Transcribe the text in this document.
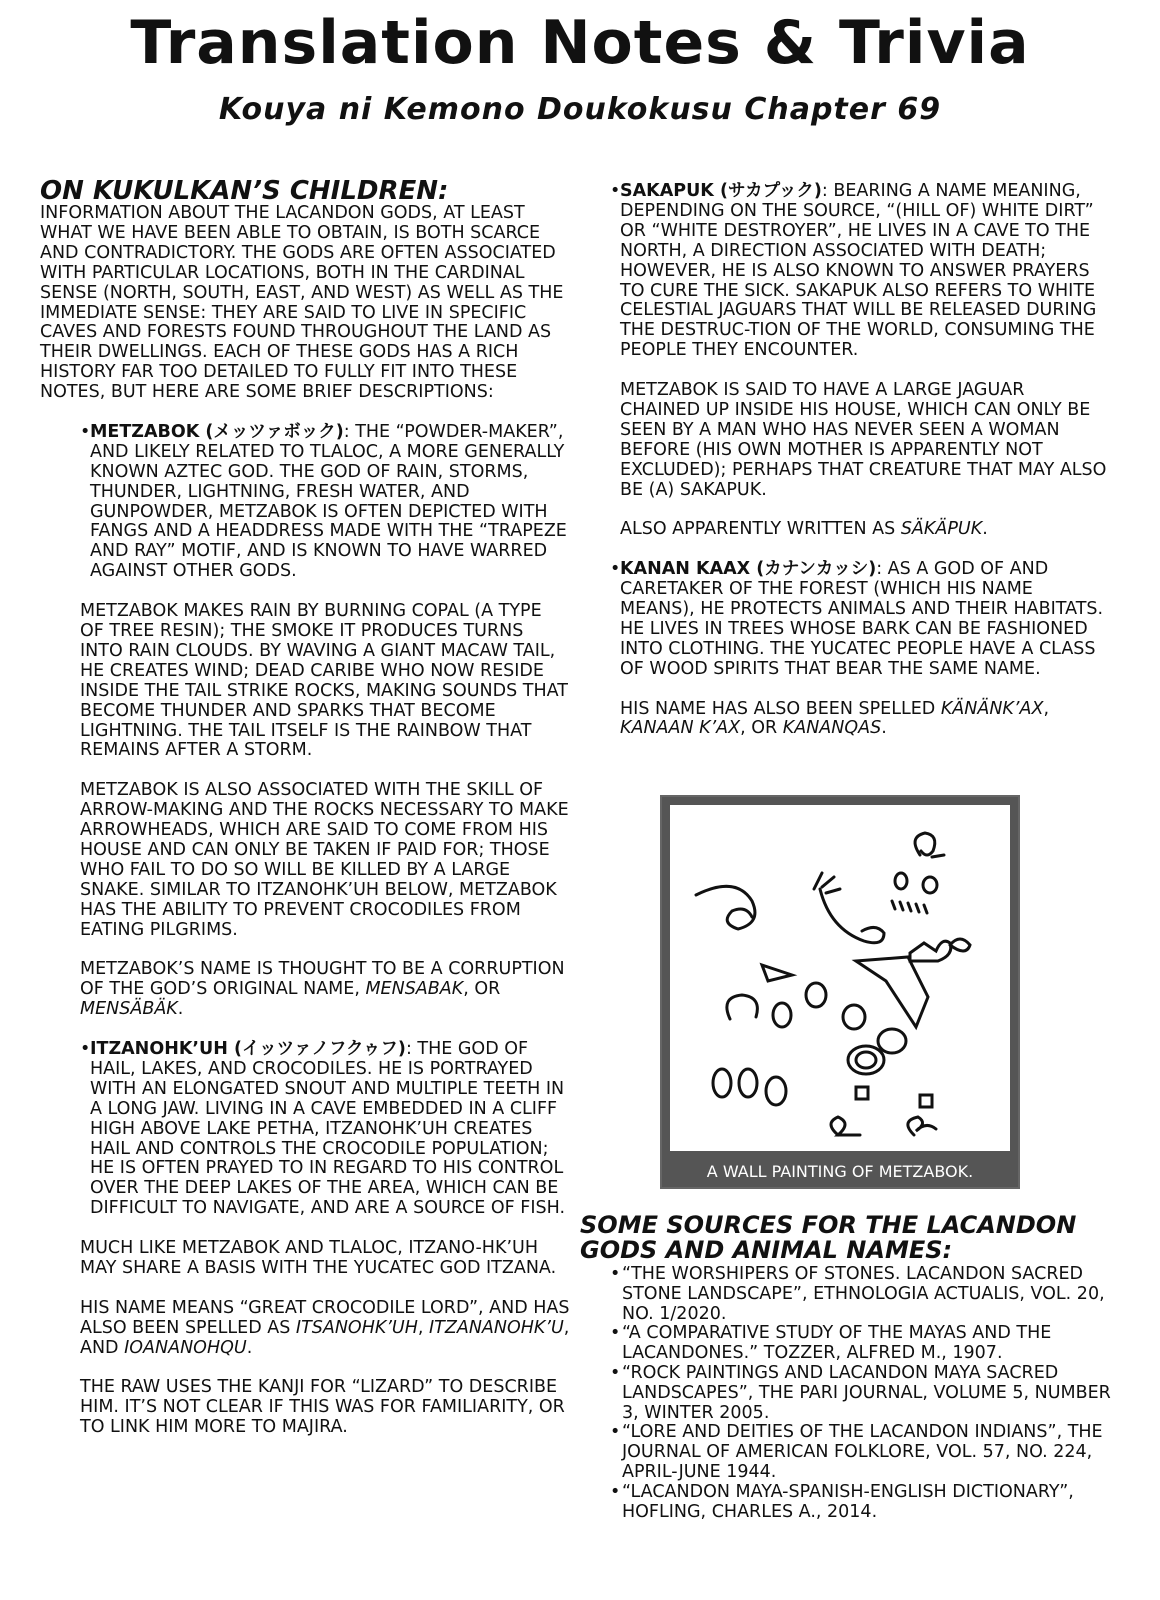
Translation Notes & Trivia
Kouya ni Kemono Doukokusu Chapter 69
ON KUKULKAN’S CHILDREN:

INFORMATION ABOUT THE LACANDON GODS, AT LEAST WHAT WE HAVE BEEN ABLE TO OBTAIN, IS BOTH SCARCE AND CONTRADICTORY. THE GODS ARE OFTEN ASSOCIATED WITH PARTICULAR LOCATIONS, BOTH IN THE CARDINAL SENSE (NORTH, SOUTH, EAST, AND WEST) AS WELL AS THE IMMEDIATE SENSE: THEY ARE SAID TO LIVE IN SPECIFIC CAVES AND FORESTS FOUND THROUGHOUT THE LAND AS THEIR DWELLINGS. EACH OF THESE GODS HAS A RICH HISTORY FAR TOO DETAILED TO FULLY FIT INTO THESE NOTES, BUT HERE ARE SOME BRIEF DESCRIPTIONS:

• METZABOK (メッツァボック): THE “POWDER-MAKER”, AND LIKELY RELATED TO TLALOC, A MORE GENERALLY KNOWN AZTEC GOD. THE GOD OF RAIN, STORMS, THUNDER, LIGHTNING, FRESH WATER, AND GUNPOWDER, METZABOK IS OFTEN DEPICTED WITH FANGS AND A HEADDRESS MADE WITH THE “TRAPEZE AND RAY” MOTIF, AND IS KNOWN TO HAVE WARRED AGAINST OTHER GODS.

METZABOK MAKES RAIN BY BURNING COPAL (A TYPE OF TREE RESIN); THE SMOKE IT PRODUCES TURNS INTO RAIN CLOUDS. BY WAVING A GIANT MACAW TAIL, HE CREATES WIND; DEAD CARIBE WHO NOW RESIDE INSIDE THE TAIL STRIKE ROCKS, MAKING SOUNDS THAT BECOME THUNDER AND SPARKS THAT BECOME LIGHTNING. THE TAIL ITSELF IS THE RAINBOW THAT REMAINS AFTER A STORM.

METZABOK IS ALSO ASSOCIATED WITH THE SKILL OF ARROW-MAKING AND THE ROCKS NECESSARY TO MAKE ARROWHEADS, WHICH ARE SAID TO COME FROM HIS HOUSE AND CAN ONLY BE TAKEN IF PAID FOR; THOSE WHO FAIL TO DO SO WILL BE KILLED BY A LARGE SNAKE. SIMILAR TO ITZANOHK’UH BELOW, METZABOK HAS THE ABILITY TO PREVENT CROCODILES FROM EATING PILGRIMS.

METZABOK’S NAME IS THOUGHT TO BE A CORRUPTION OF THE GOD’S ORIGINAL NAME, MENSABAK, OR MENSÄBÄK.

• ITZANOHK’UH (イッツァノフクゥフ): THE GOD OF HAIL, LAKES, AND CROCODILES. HE IS PORTRAYED WITH AN ELONGATED SNOUT AND MULTIPLE TEETH IN A LONG JAW. LIVING IN A CAVE EMBEDDED IN A CLIFF HIGH ABOVE LAKE PETHA, ITZANOHK’UH CREATES HAIL AND CONTROLS THE CROCODILE POPULATION; HE IS OFTEN PRAYED TO IN REGARD TO HIS CONTROL OVER THE DEEP LAKES OF THE AREA, WHICH CAN BE DIFFICULT TO NAVIGATE, AND ARE A SOURCE OF FISH.

MUCH LIKE METZABOK AND TLALOC, ITZANO-HK’UH MAY SHARE A BASIS WITH THE YUCATEC GOD ITZANA.

HIS NAME MEANS “GREAT CROCODILE LORD”, AND HAS ALSO BEEN SPELLED AS ITSANOHK’UH, ITZANANOHK’U, AND IOANANOHQU.

THE RAW USES THE KANJI FOR “LIZARD” TO DESCRIBE HIM. IT’S NOT CLEAR IF THIS WAS FOR FAMILIARITY, OR TO LINK HIM MORE TO MAJIRA.

• SAKAPUK (サカプック): BEARING A NAME MEANING, DEPENDING ON THE SOURCE, “(HILL OF) WHITE DIRT” OR “WHITE DESTROYER”, HE LIVES IN A CAVE TO THE NORTH, A DIRECTION ASSOCIATED WITH DEATH; HOWEVER, HE IS ALSO KNOWN TO ANSWER PRAYERS TO CURE THE SICK. SAKAPUK ALSO REFERS TO WHITE CELESTIAL JAGUARS THAT WILL BE RELEASED DURING THE DESTRUC-TION OF THE WORLD, CONSUMING THE PEOPLE THEY ENCOUNTER.

METZABOK IS SAID TO HAVE A LARGE JAGUAR CHAINED UP INSIDE HIS HOUSE, WHICH CAN ONLY BE SEEN BY A MAN WHO HAS NEVER SEEN A WOMAN BEFORE (HIS OWN MOTHER IS APPARENTLY NOT EXCLUDED); PERHAPS THAT CREATURE THAT MAY ALSO BE (A) SAKAPUK.

ALSO APPARENTLY WRITTEN AS SÄKÄPUK.

• KANAN KAAX (カナンカッシ): AS A GOD OF AND CARETAKER OF THE FOREST (WHICH HIS NAME MEANS), HE PROTECTS ANIMALS AND THEIR HABITATS. HE LIVES IN TREES WHOSE BARK CAN BE FASHIONED INTO CLOTHING. THE YUCATEC PEOPLE HAVE A CLASS OF WOOD SPIRITS THAT BEAR THE SAME NAME.

HIS NAME HAS ALSO BEEN SPELLED KÄNÄNK’AX, KANAAN K’AX, OR KANANQAS.

A WALL PAINTING OF METZABOK.
SOME SOURCES FOR THE LACANDON GODS AND ANIMAL NAMES:
• “THE WORSHIPERS OF STONES. LACANDON SACRED STONE LANDSCAPE”, ETHNOLOGIA ACTUALIS, VOL. 20, NO. 1/2020.
• “A COMPARATIVE STUDY OF THE MAYAS AND THE LACANDONES.” TOZZER, ALFRED M., 1907.
• “ROCK PAINTINGS AND LACANDON MAYA SACRED LANDSCAPES”, THE PARI JOURNAL, VOLUME 5, NUMBER 3, WINTER 2005.
• “LORE AND DEITIES OF THE LACANDON INDIANS”, THE JOURNAL OF AMERICAN FOLKLORE, VOL. 57, NO. 224, APRIL-JUNE 1944.
• “LACANDON MAYA-SPANISH-ENGLISH DICTIONARY”, HOFLING, CHARLES A., 2014.
